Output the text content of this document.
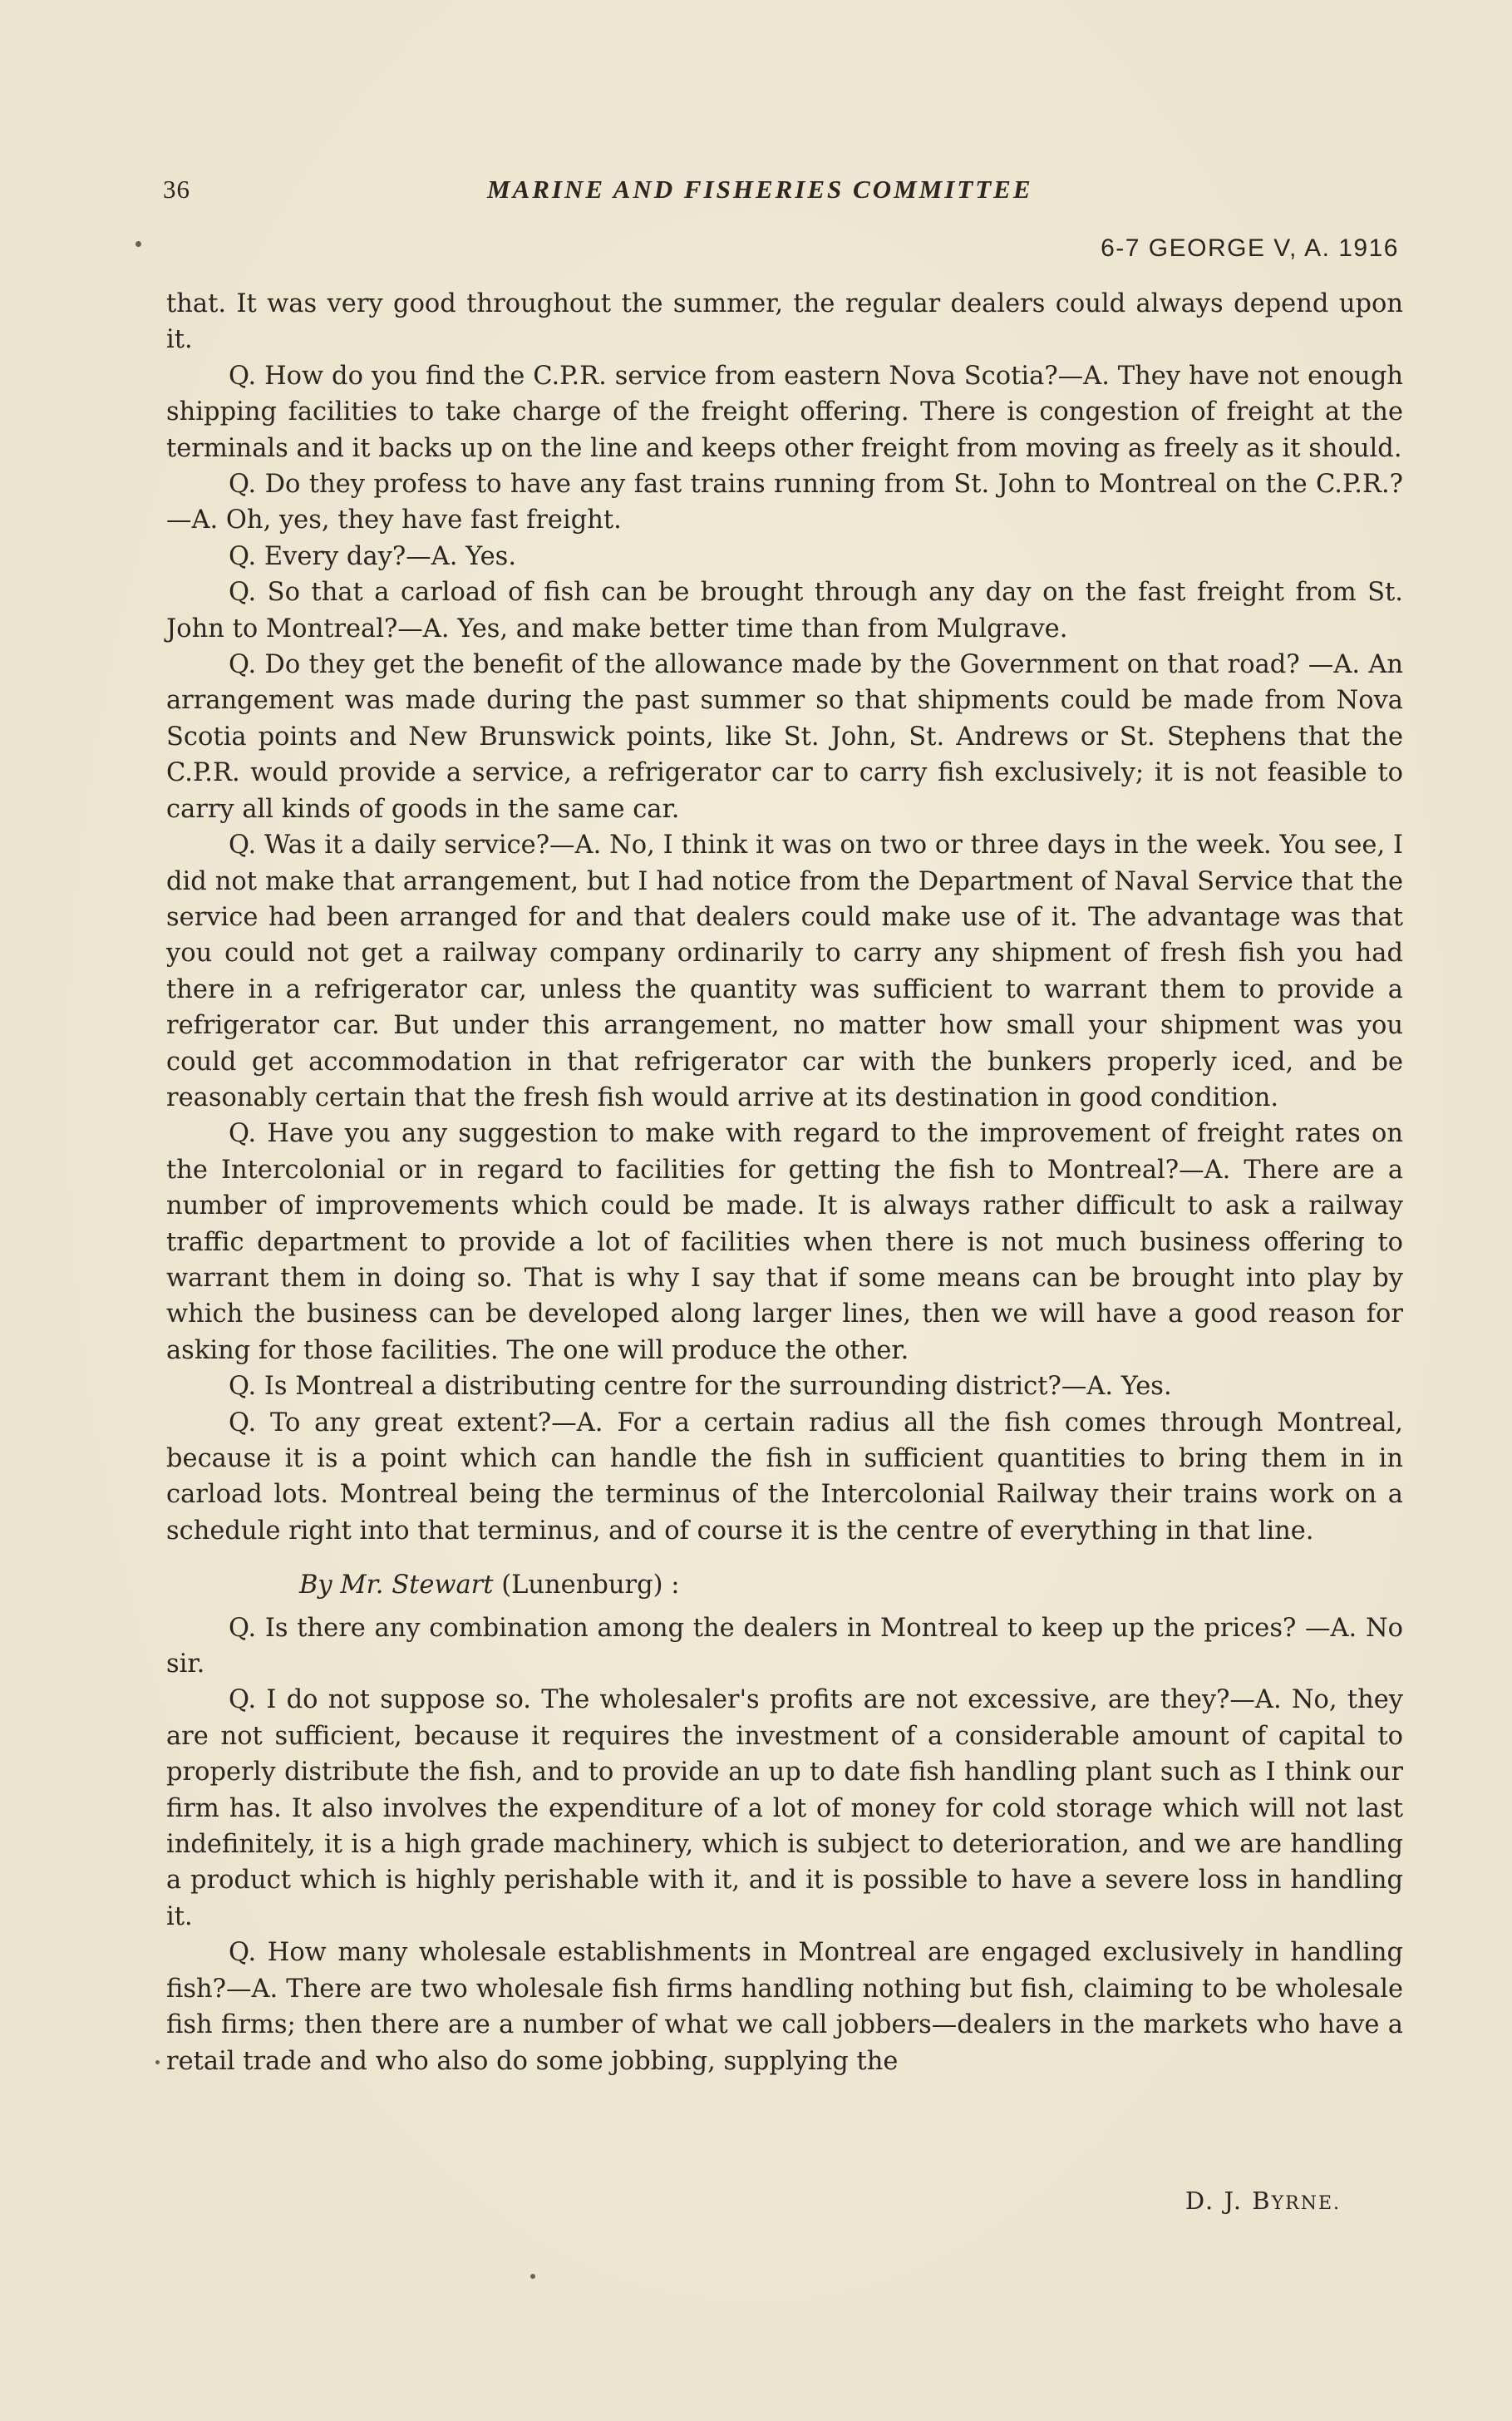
36	MARINE AND FISHERIES COMMITTEE
6-7 GEORGE V, A. 1916

that. It was very good throughout the summer, the regular dealers could always depend upon it.

Q. How do you find the C.P.R. service from eastern Nova Scotia?—A. They have not enough shipping facilities to take charge of the freight offering. There is congestion of freight at the terminals and it backs up on the line and keeps other freight from moving as freely as it should.

Q. Do they profess to have any fast trains running from St. John to Montreal on the C.P.R.?—A. Oh, yes, they have fast freight.

Q. Every day?—A. Yes.

Q. So that a carload of fish can be brought through any day on the fast freight from St. John to Montreal?—A. Yes, and make better time than from Mulgrave.

Q. Do they get the benefit of the allowance made by the Government on that road? —A. An arrangement was made during the past summer so that shipments could be made from Nova Scotia points and New Brunswick points, like St. John, St. Andrews or St. Stephens that the C.P.R. would provide a service, a refrigerator car to carry fish exclusively; it is not feasible to carry all kinds of goods in the same car.

Q. Was it a daily service?—A. No, I think it was on two or three days in the week. You see, I did not make that arrangement, but I had notice from the Department of Naval Service that the service had been arranged for and that dealers could make use of it. The advantage was that you could not get a railway company ordinarily to carry any shipment of fresh fish you had there in a refrigerator car, unless the quantity was sufficient to warrant them to provide a refrigerator car. But under this arrangement, no matter how small your shipment was you could get accommodation in that refrigerator car with the bunkers properly iced, and be reasonably certain that the fresh fish would arrive at its destination in good condition.

Q. Have you any suggestion to make with regard to the improvement of freight rates on the Intercolonial or in regard to facilities for getting the fish to Montreal?—A. There are a number of improvements which could be made. It is always rather difficult to ask a railway traffic department to provide a lot of facilities when there is not much business offering to warrant them in doing so. That is why I say that if some means can be brought into play by which the business can be developed along larger lines, then we will have a good reason for asking for those facilities. The one will produce the other.

Q. Is Montreal a distributing centre for the surrounding district?—A. Yes.

Q. To any great extent?—A. For a certain radius all the fish comes through Montreal, because it is a point which can handle the fish in sufficient quantities to bring them in in carload lots. Montreal being the terminus of the Intercolonial Railway their trains work on a schedule right into that terminus, and of course it is the centre of everything in that line.

By Mr. Stewart (Lunenburg) :

Q. Is there any combination among the dealers in Montreal to keep up the prices? —A. No sir.

Q. I do not suppose so. The wholesaler's profits are not excessive, are they?—A. No, they are not sufficient, because it requires the investment of a considerable amount of capital to properly distribute the fish, and to provide an up to date fish handling plant such as I think our firm has. It also involves the expenditure of a lot of money for cold storage which will not last indefinitely, it is a high grade machinery, which is subject to deterioration, and we are handling a product which is highly perishable with it, and it is possible to have a severe loss in handling it.

Q. How many wholesale establishments in Montreal are engaged exclusively in handling fish?—A. There are two wholesale fish firms handling nothing but fish, claiming to be wholesale fish firms; then there are a number of what we call jobbers—dealers in the markets who have a retail trade and who also do some jobbing, supplying the

D. J. BYRNE.
